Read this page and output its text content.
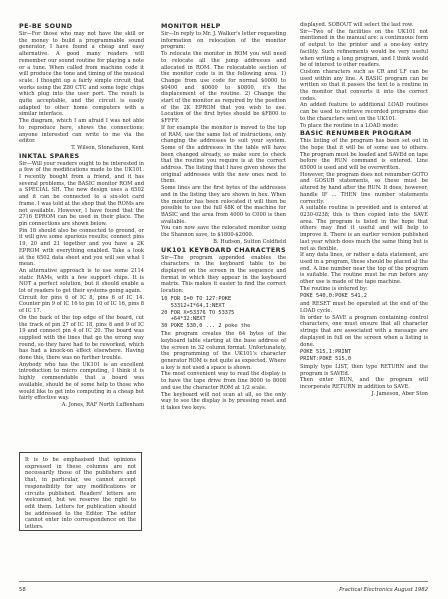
PE-BE SOUND

Sir—For those who may not have the skill or the money to build a programmable sound generator, I have found a cheap and easy alternative. A good many readers will remember our sound routine for playing a note or a tune. When called from machine code it will produce the tone and timing of the musical scale. I thought up a fairly simple circuit that works using the Z80 CTC and some logic chips which plug into the user port. The result is quite acceptable, and the circuit is easily adapted to other home computers with a similar interface.

The diagram, which I am afraid I was not able to reproduce here, shows the connections; anyone interested can write to me via the editor.

T. Wilson, Stonehaven, Kent

INKTAL SPARES

Sir—Will your readers ought to be interested in a few of the modifications made to the UK101. I recently bought from a friend, and it has several problems, the BASIC monitor ROM and a SPECIAL SH. The new design uses a 6502 and it can be connected to a six-slot card frame. I was told at the shop that the ROMs are not available. However, I have found that the 2716 EPROM can be used in their place. The pin connections are shown below.

Pin 18 should also be connected to ground, or it will give some spurious results; connect pins 19, 20 and 21 together and you have a 2K EPROM with everything enabled. Take a look at the 6502 data sheet and you will see what I mean.

An alternative approach is to use some 2114 static RAMs, with a few support chips. It is NOT a perfect solution, but it should enable a lot of readers to get their systems going again.

Circuit for pins 6 of IC 8, pins 6 of IC 14. Counter pin 9 of IC 16 to pin 10 of IC 16, pins 8 of IC 17.

On the back of the top edge of the board, cut the track of pin 27 of IC 18, pins 8 and 9 of IC 19 and connect pin 4 of IC 20. The board was supplied with the lines that go the wrong way round, so they have had to be reworked, which has had a knock-on effect elsewhere. Having done this, there was no further trouble.

Anybody who has the UK101 is an excellent introduction to micro computing, I think it is highly commendable that a board was available, should be of some help to those who would like to get into computing in a cheap but fairly effective way.

A. Jones, RAF North Luffenham

MONITOR HELP

Sir—In reply to Mr. J. Walker's letter requesting information on relocation of the monitor program:

To relocate the monitor in ROM you will need to relocate all the jump addresses and allocated in ROM. The relocatable section of the monitor code is in the following area. 1) Change from use code for normal $0000 to $0400 and $0600 to $0800, it's the displacement of the routine. 2) Change the start of the monitor as required by the position of the 2K EPROM that you wish to use. Location of the first bytes should be $F800 to $FFFF.

If for example the monitor is moved to the top of RAM, use the same list of instructions, only changing the addresses to suit your system. Some of the addresses in the table will have been changed already, so make sure to check that the routine you require is at the correct address. The listing that I have given shows the original addresses with the new ones next to them.

Some lines are the first bytes of the addresses and in the listing they are shown in hex. When the monitor has been relocated it will then be possible to use the full 48K of the machine for BASIC and the area from 4000 to C000 is then available.

You can now save the relocated monitor using the Shannon save, to $1800-$2000.

B. Hudson, Sutton Coldfield

UK101 KEYBOARD CHARACTERS

Sir—The program appended enables the characters in the keyboard table to be displayed on the screen in the sequence and format in which they appear in the keyboard matrix. This makes it easier to find the correct location:

10 FOR I=0 TO 127:POKE
53312+I*64,I:NEXT
20 FOR X=53376 TO 53375
+64*32:NEXT
30 POKE 530,0 ... 2 poke the

The program creates the 64 bytes of the keyboard table starting at the base address of the screen in 32 column format. Unfortunately, the programming of the UK101's character generator ROM is not quite as expected. Where a key is not used a space is shown.

The most convenient way to read the display is to have the tape drive from line 8000 to 8008 and use the character ROM at 1/2 scale.

The keyboard will not scan at all, so the only way to see the display is by pressing reset and it takes two keys.

displayed. SOBOUT will select the last row.

Sir—Two of the facilities on the UK101 not mentioned in the manual are: a continuous form of output to the printer and a one-key entry facility. Such refinements would be very useful when writing a long program, and I think would be of interest to other readers.

Custom characters such as CR and LF can be used within any line. A BASIC program can be written so that it passes the text to a routine in the monitor that converts it into the correct codes.

An added feature to additional LOAD routines can be used to retrieve recorded programs due to the characters sent on the UK101.

To place the routine in a LOAD mode:

BASIC RENUMBER PROGRAM

This listing of the program has been set out in the hope that it will be of some use to others. The program must be loaded and SAVEd on tape before the RUN command is entered. Line 65000 is used and will be overwritten.

However, the program does not renumber GOTO and GOSUB statements, so these must be altered by hand after the RUN. It does, however, handle IF ... THEN line number statements correctly.

A suitable routine is provided and is entered at 0230-0238; this is then copied into the SAVE area. The program is listed in the hope that others may find it useful and will help to improve it. There is an earlier version published last year which does much the same thing but is not as flexible.

If any data lines, or rather a data statement, are used in a program, these should be placed at the end. A line number near the top of the program is suitable. The routine must be run before any other use is made of the tape machine.

The routine is entered by:

POKE 540,0:POKE 541,2

and RESET must be operated at the end of the LOAD cycle.

In order to SAVE a program containing control characters, one must ensure that all character strings that are associated with a message are displayed in full on the screen when a listing is done.

POKE 515,1:PRINT
PRINT:POKE 515,0

Simply type LIST, then type RETURN and the program is SAVEd.

Then enter RUN, and the program will incorporate RETURN in addition to SAVE.

J. Jameson, Aber Ston

It is to be emphasised that opinions expressed in these columns are not necessarily those of the publishers and that, in particular, we cannot accept responsibility for any modifications or circuits published. Readers' letters are welcomed, but we reserve the right to edit them. Letters for publication should be addressed to the Editor. The editor cannot enter into correspondence on the letters.
58	Practical Electronics August 1982
